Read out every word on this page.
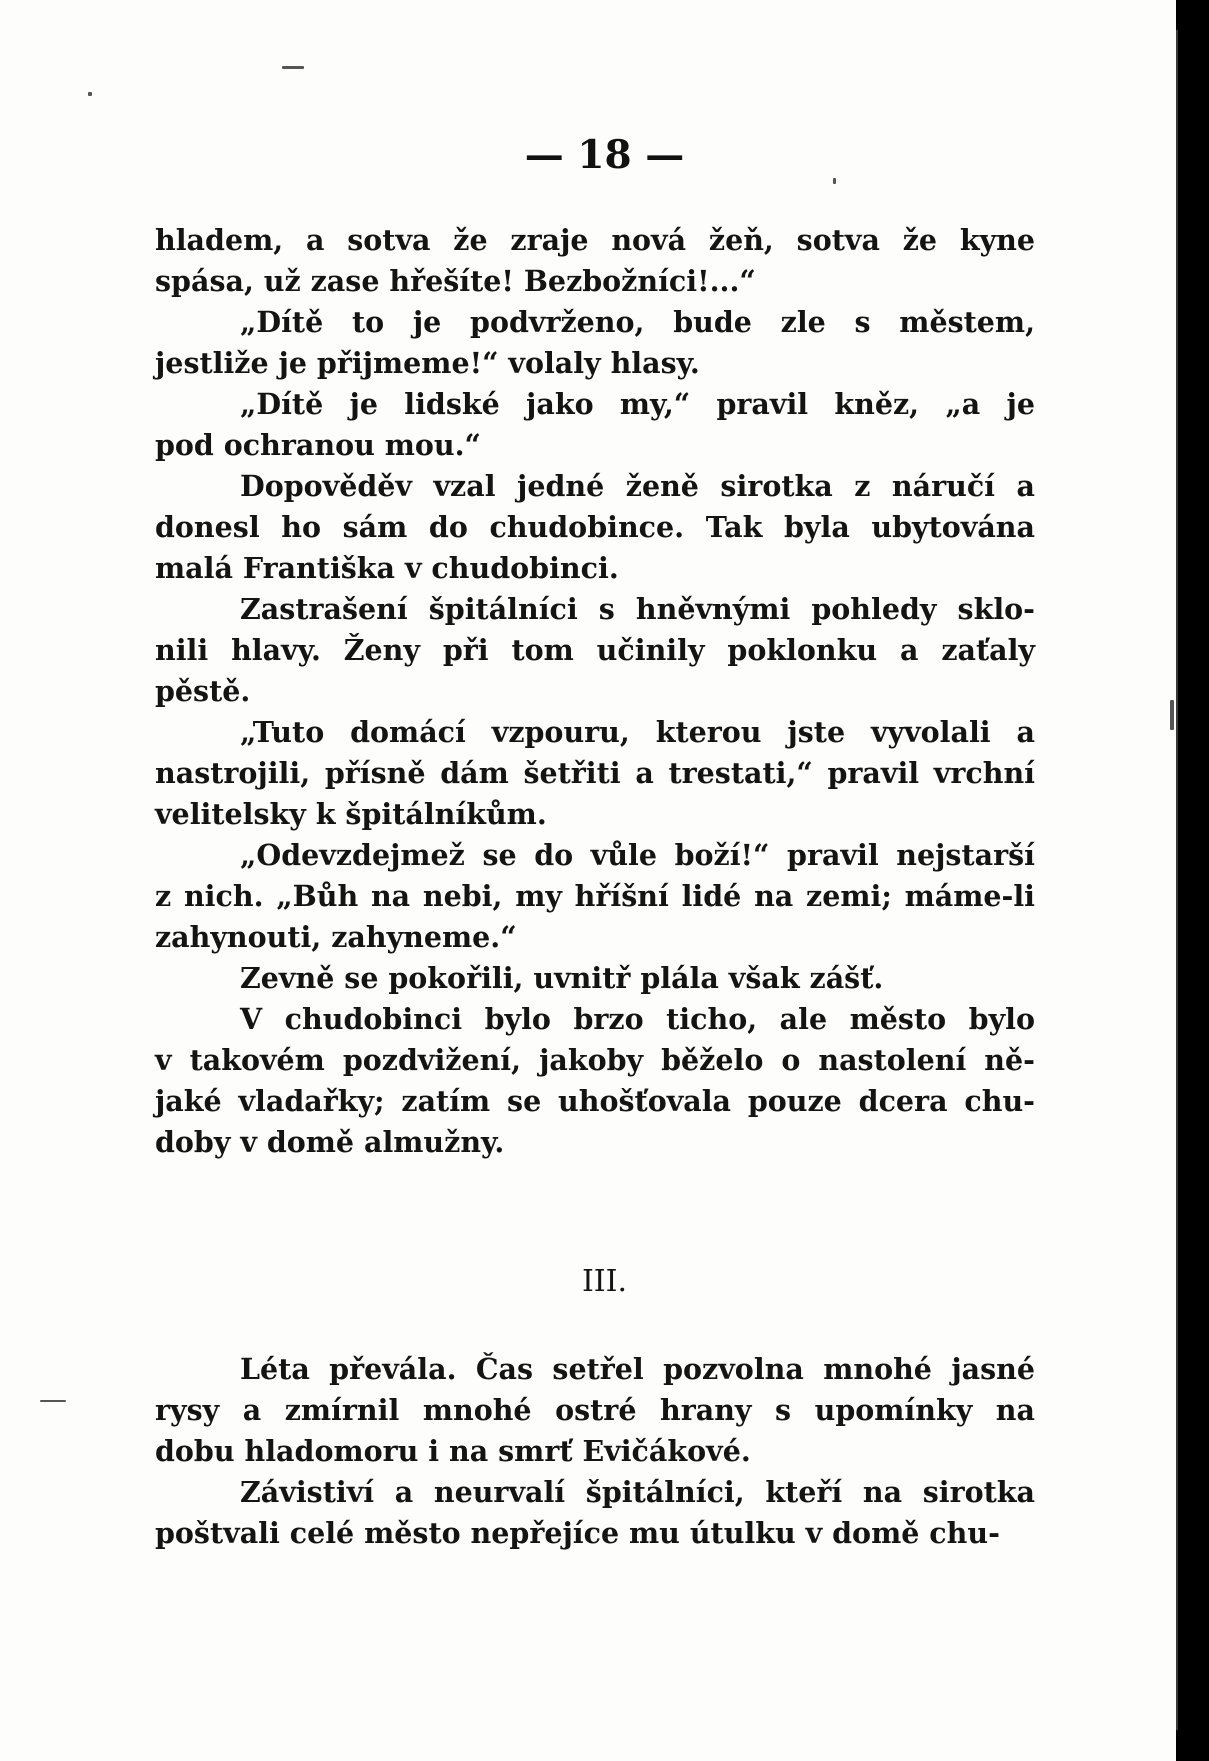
— 18 —
hladem, a sotva že zraje nová žeň, sotva že kyne
spása, už zase hřešíte! Bezbožníci!...“
„Dítě to je podvrženo, bude zle s městem,
jestliže je přijmeme!“ volaly hlasy.
„Dítě je lidské jako my,“ pravil kněz, „a je
pod ochranou mou.“
Dopověděv vzal jedné ženě sirotka z náručí a
donesl ho sám do chudobince. Tak byla ubytována
malá Františka v chudobinci.
Zastrašení špitálníci s hněvnými pohledy sklo-
nili hlavy. Ženy při tom učinily poklonku a zaťaly
pěstě.
„Tuto domácí vzpouru, kterou jste vyvolali a
nastrojili, přísně dám šetřiti a trestati,“ pravil vrchní
velitelsky k špitálníkům.
„Odevzdejmež se do vůle boží!“ pravil nejstarší
z nich. „Bůh na nebi, my hříšní lidé na zemi; máme-li
zahynouti, zahyneme.“
Zevně se pokořili, uvnitř plála však zášť.
V chudobinci bylo brzo ticho, ale město bylo
v takovém pozdvižení, jakoby běželo o nastolení ně-
jaké vladařky; zatím se uhošťovala pouze dcera chu-
doby v domě almužny.
III.
Léta převála. Čas setřel pozvolna mnohé jasné
rysy a zmírnil mnohé ostré hrany s upomínky na
dobu hladomoru i na smrť Evičákové.
Závistiví a neurvalí špitálníci, kteří na sirotka
poštvali celé město nepřejíce mu útulku v domě chu-
